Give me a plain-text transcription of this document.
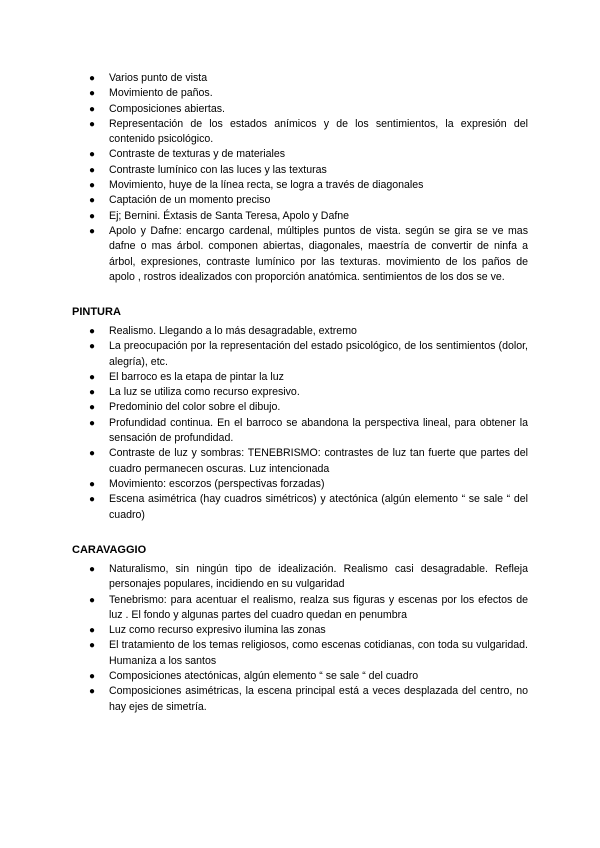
●	Varios punto de vista
●	Movimiento de paños.
●	Composiciones abiertas.
●	Representación de los estados anímicos y de los sentimientos, la expresión del contenido psicológico.
●	Contraste de texturas y de materiales
●	Contraste lumínico con las luces y las texturas
●	Movimiento, huye de la línea recta, se logra a través de diagonales
●	Captación de un momento preciso
●	Ej; Bernini. Éxtasis de Santa Teresa, Apolo y Dafne
●	Apolo y Dafne: encargo cardenal, múltiples puntos de vista. según se gira se ve mas dafne o mas árbol. componen abiertas, diagonales, maestría de convertir de ninfa a árbol, expresiones, contraste lumínico por las texturas. movimiento de los paños de apolo , rostros idealizados con proporción anatómica. sentimientos de los dos se ve.
PINTURA
●	Realismo. Llegando a lo más desagradable, extremo
●	La preocupación por la representación del estado psicológico, de los sentimientos (dolor, alegría), etc.
●	El barroco es la etapa de pintar la luz
●	La luz se utiliza como recurso expresivo.
●	Predominio del color sobre el dibujo.
●	Profundidad continua. En el barroco se abandona la perspectiva lineal, para obtener la sensación de profundidad.
●	Contraste de luz y sombras: TENEBRISMO: contrastes de luz tan fuerte que partes del cuadro permanecen oscuras. Luz intencionada
●	Movimiento: escorzos (perspectivas forzadas)
●	Escena asimétrica (hay cuadros simétricos) y atectónica (algún elemento “ se sale “ del cuadro)
CARAVAGGIO
●	Naturalismo, sin ningún tipo de idealización. Realismo casi desagradable. Refleja personajes populares, incidiendo en su vulgaridad
●	Tenebrismo: para acentuar el realismo, realza sus figuras y escenas por los efectos de luz . El fondo y algunas partes del cuadro quedan en penumbra
●	Luz como recurso expresivo ilumina las zonas
●	El tratamiento de los temas religiosos, como escenas cotidianas, con toda su vulgaridad. Humaniza a los santos
●	Composiciones atectónicas, algún elemento “ se sale “ del cuadro
●	Composiciones asimétricas, la escena principal está a veces desplazada del centro, no hay ejes de simetría.
